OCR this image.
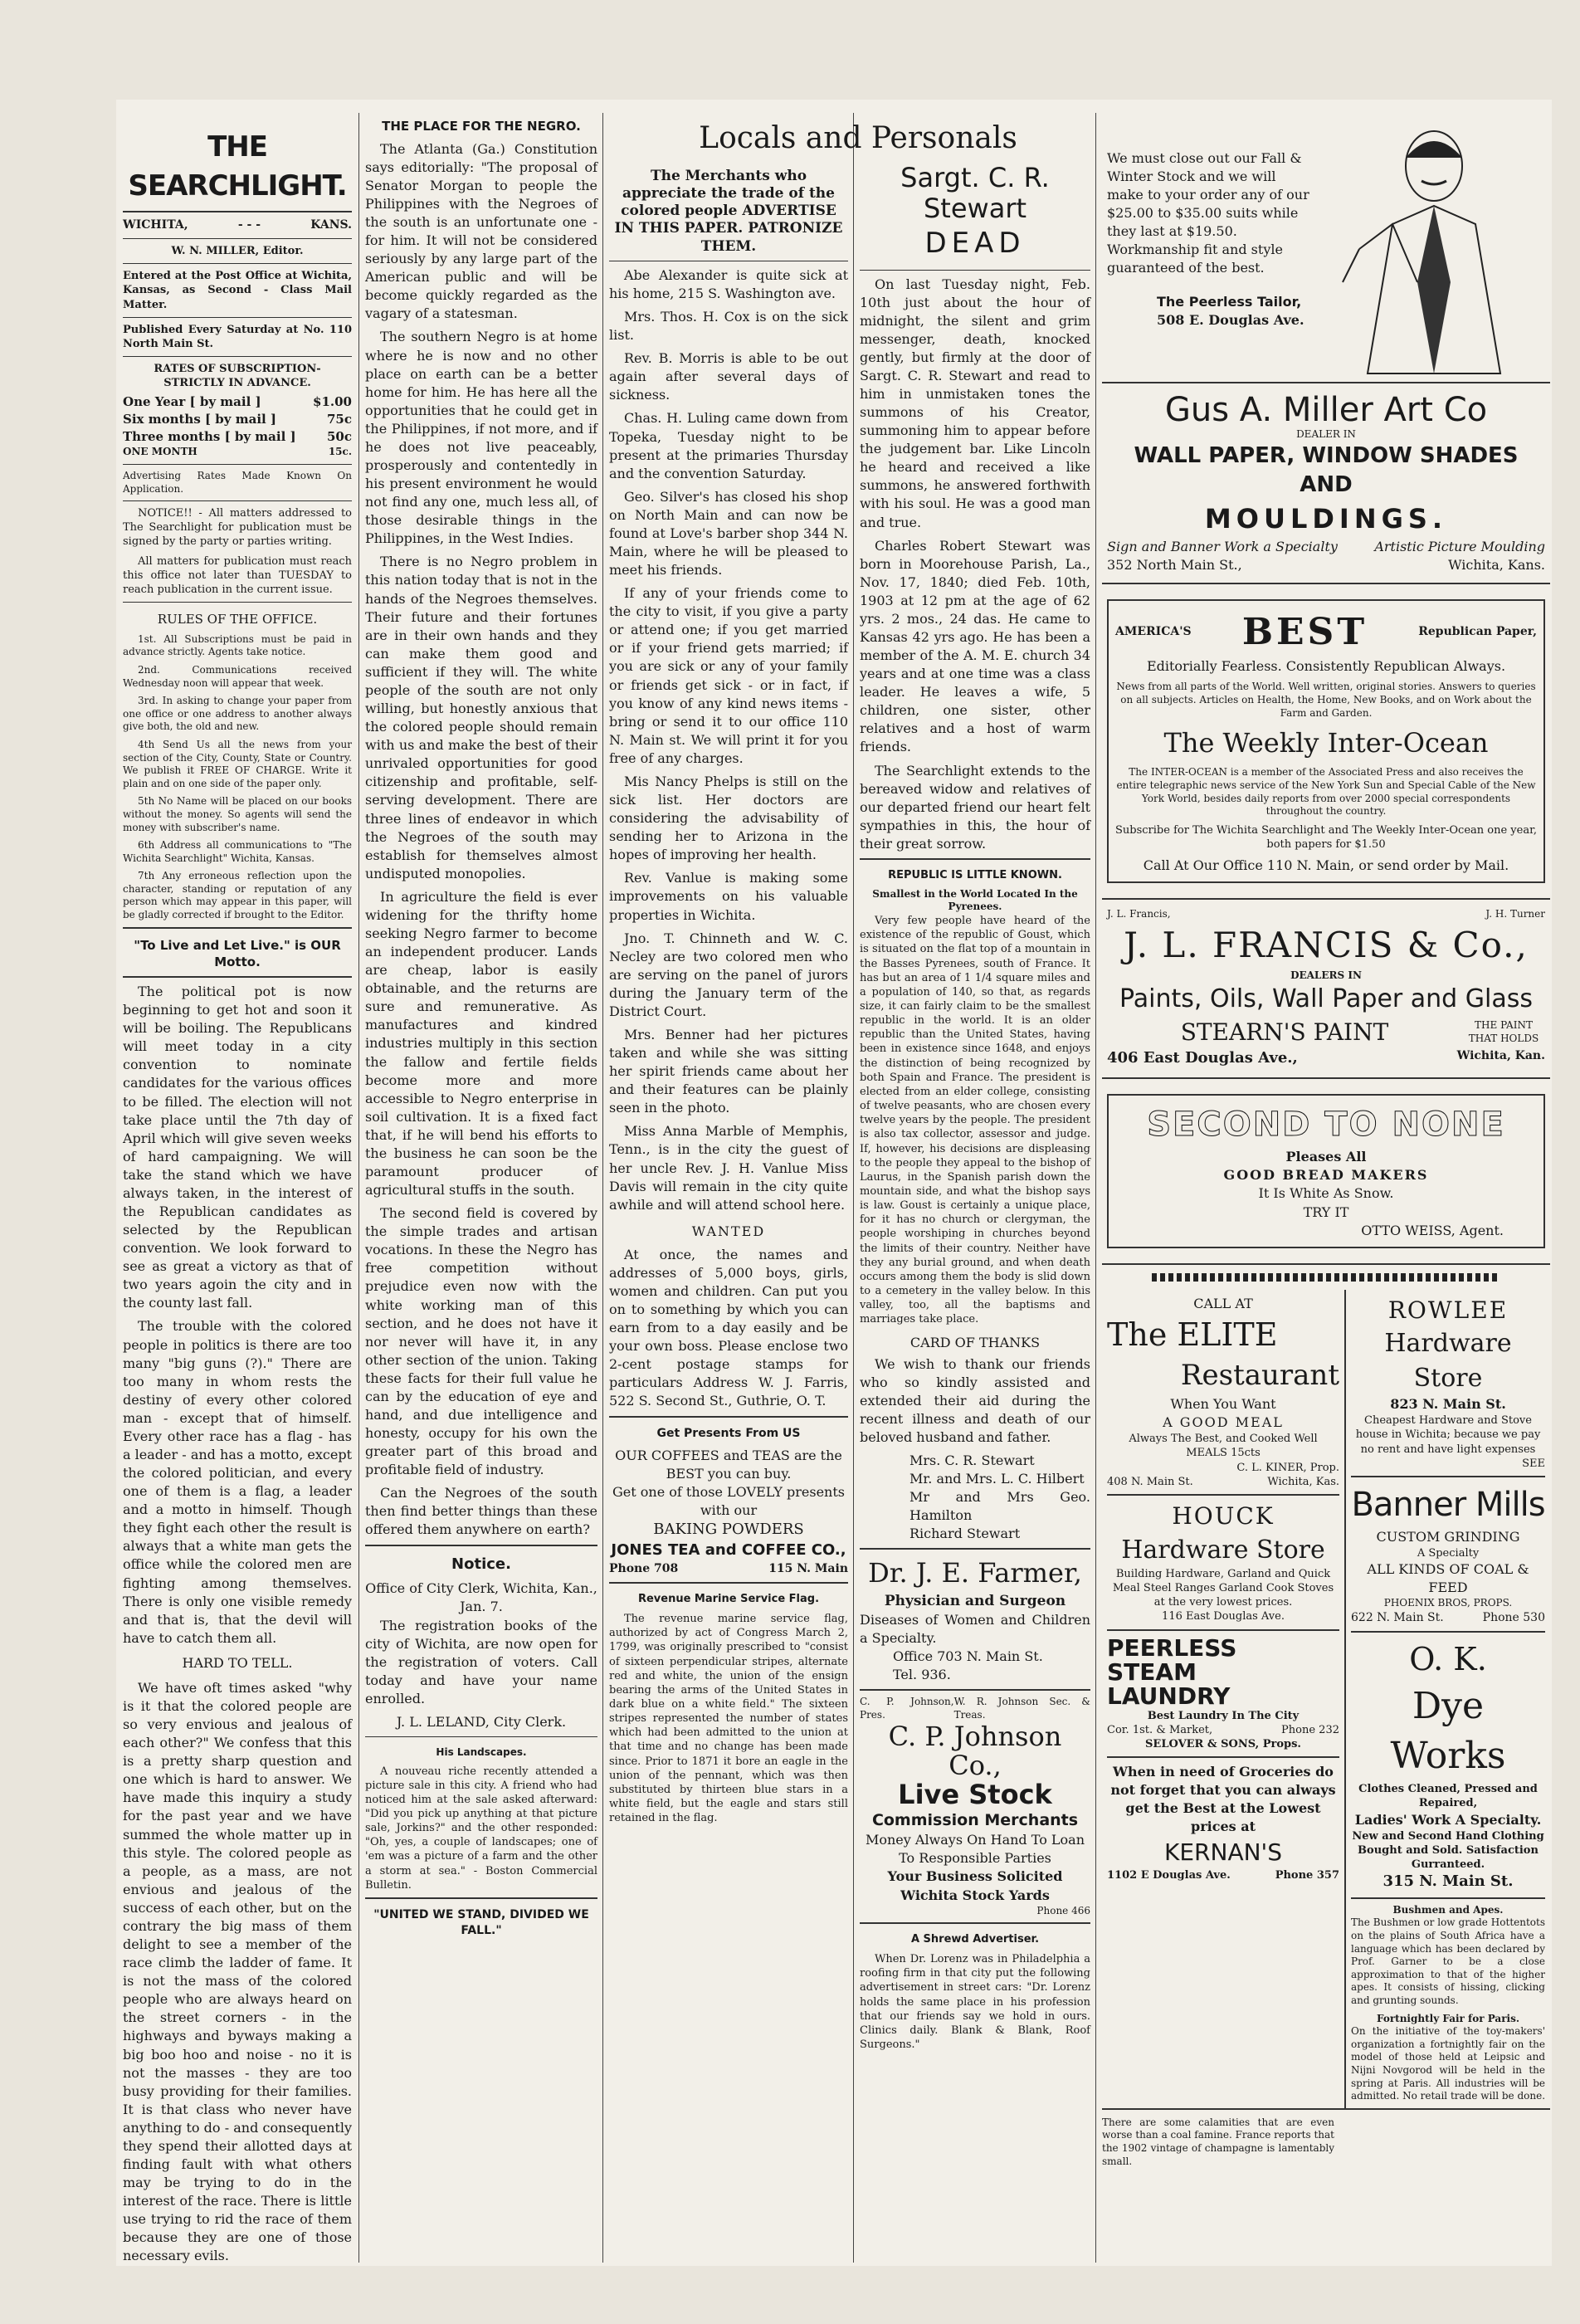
THE SEARCHLIGHT.
WICHITA,	- - -	KANS.
W. N. MILLER, Editor.
Entered at the Post Office at Wichita, Kansas, as Second - Class Mail Matter.
Published Every Saturday at No. 110 North Main St.
RATES OF SUBSCRIPTION- STRICTLY IN ADVANCE.
One Year [ by mail ]	$1.00
Six months [ by mail ]	75c
Three months [ by mail ] 50c
ONE MONTH	15c.
Advertising Rates Made Known On Application.

NOTICE!! - All matters addressed to The Searchlight for publication must be signed by the party or parties writing.

All matters for publication must reach this office not later than TUESDAY to reach publication in the current issue.

RULES OF THE OFFICE.

1st. All Subscriptions must be paid in advance strictly. Agents take notice.

2nd. Communications received Wednesday noon will appear that week.

3rd. In asking to change your paper from one office or one address to another always give both, the old and new.

4th Send Us all the news from your section of the City, County, State or Country. We publish it FREE OF CHARGE. Write it plain and on one side of the paper only.

5th No Name will be placed on our books without the money. So agents will send the money with subscriber's name.

6th Address all communications to "The Wichita Searchlight" Wichita, Kansas.

7th Any erroneous reflection upon the character, standing or reputation of any person which may appear in this paper, will be gladly corrected if brought to the Editor.

"To Live and Let Live." is OUR Motto.

The political pot is now beginning to get hot and soon it will be boiling. The Republicans will meet today in a city convention to nominate candidates for the various offices to be filled. The election will not take place until the 7th day of April which will give seven weeks of hard campaigning. We will take the stand which we have always taken, in the interest of the Republican candidates as selected by the Republican convention. We look forward to see as great a victory as that of two years agoin the city and in the county last fall.

The trouble with the colored people in politics is there are too many "big guns (?)." There are too many in whom rests the destiny of every other colored man - except that of himself. Every other race has a flag - has a leader - and has a motto, except the colored politician, and every one of them is a flag, a leader and a motto in himself. Though they fight each other the result is always that a white man gets the office while the colored men are fighting among themselves. There is only one visible remedy and that is, that the devil will have to catch them all.

HARD TO TELL.

We have oft times asked "why is it that the colored people are so very envious and jealous of each other?" We confess that this is a pretty sharp question and one which is hard to answer. We have made this inquiry a study for the past year and we have summed the whole matter up in this style. The colored people as a people, as a mass, are not envious and jealous of the success of each other, but on the contrary the big mass of them delight to see a member of the race climb the ladder of fame. It is not the mass of the colored people who are always heard on the street corners - in the highways and byways making a big boo hoo and noise - no it is not the masses - they are too busy providing for their families. It is that class who never have anything to do - and consequently they spend their allotted days at finding fault with what others may be trying to do in the interest of the race. There is little use trying to rid the race of them because they are one of those necessary evils.

THE PLACE FOR THE NEGRO.

The Atlanta (Ga.) Constitution says editorially: "The proposal of Senator Morgan to people the Philippines with the Negroes of the south is an unfortunate one - for him. It will not be considered seriously by any large part of the American public and will be become quickly regarded as the vagary of a statesman.

The southern Negro is at home where he is now and no other place on earth can be a better home for him. He has here all the opportunities that he could get in the Philippines, if not more, and if he does not live peaceably, prosperously and contentedly in his present environment he would not find any one, much less all, of those desirable things in the Philippines, in the West Indies.

There is no Negro problem in this nation today that is not in the hands of the Negroes themselves. Their future and their fortunes are in their own hands and they can make them good and sufficient if they will. The white people of the south are not only willing, but honestly anxious that the colored people should remain with us and make the best of their unrivaled opportunities for good citizenship and profitable, self-serving development. There are three lines of endeavor in which the Negroes of the south may establish for themselves almost undisputed monopolies.

In agriculture the field is ever widening for the thrifty home seeking Negro farmer to become an independent producer. Lands are cheap, labor is easily obtainable, and the returns are sure and remunerative. As manufactures and kindred industries multiply in this section the fallow and fertile fields become more and more accessible to Negro enterprise in soil cultivation. It is a fixed fact that, if he will bend his efforts to the business he can soon be the paramount producer of agricultural stuffs in the south.

The second field is covered by the simple trades and artisan vocations. In these the Negro has free competition without prejudice even now with the white working man of this section, and he does not have it nor never will have it, in any other section of the union. Taking these facts for their full value he can by the education of eye and hand, and due intelligence and honesty, occupy for his own the greater part of this broad and profitable field of industry.

Can the Negroes of the south then find better things than these offered them anywhere on earth?

Notice.
Office of City Clerk, Wichita, Kan., Jan. 7.

The registration books of the city of Wichita, are now open for the registration of voters. Call today and have your name enrolled.

J. L. LELAND, City Clerk.
His Landscapes.

A nouveau riche recently attended a picture sale in this city. A friend who had noticed him at the sale asked afterward: "Did you pick up anything at that picture sale, Jorkins?" and the other responded: "Oh, yes, a couple of landscapes; one of 'em was a picture of a farm and the other a storm at sea." - Boston Commercial Bulletin.

"UNITED WE STAND, DIVIDED WE FALL."
Locals and Personals
The Merchants who appreciate the trade of the colored people ADVERTISE IN THIS PAPER. PATRONIZE THEM.

Abe Alexander is quite sick at his home, 215 S. Washington ave.

Mrs. Thos. H. Cox is on the sick list.

Rev. B. Morris is able to be out again after several days of sickness.

Chas. H. Luling came down from Topeka, Tuesday night to be present at the primaries Thursday and the convention Saturday.

Geo. Silver's has closed his shop on North Main and can now be found at Love's barber shop 344 N. Main, where he will be pleased to meet his friends.

If any of your friends come to the city to visit, if you give a party or attend one; if you get married or if your friend gets married; if you are sick or any of your family or friends get sick - or in fact, if you know of any kind news items - bring or send it to our office 110 N. Main st. We will print it for you free of any charges.

Mis Nancy Phelps is still on the sick list. Her doctors are considering the advisability of sending her to Arizona in the hopes of improving her health.

Rev. Vanlue is making some improvements on his valuable properties in Wichita.

Jno. T. Chinneth and W. C. Necley are two colored men who are serving on the panel of jurors during the January term of the District Court.

Mrs. Benner had her pictures taken and while she was sitting her spirit friends came about her and their features can be plainly seen in the photo.

Miss Anna Marble of Memphis, Tenn., is in the city the guest of her uncle Rev. J. H. Vanlue Miss Davis will remain in the city quite awhile and will attend school here.

WANTED

At once, the names and addresses of 5,000 boys, girls, women and children. Can put you on to something by which you can earn from to a day easily and be your own boss. Please enclose two 2-cent postage stamps for particulars Address W. J. Farris, 522 S. Second St., Guthrie, O. T.

Get Presents From US
OUR COFFEES and TEAS are the BEST you can buy.
Get one of those LOVELY presents with our
BAKING POWDERS
JONES TEA and COFFEE CO.,
Phone 708	115 N. Main
Revenue Marine Service Flag.

The revenue marine service flag, authorized by act of Congress March 2, 1799, was originally prescribed to "consist of sixteen perpendicular stripes, alternate red and white, the union of the ensign bearing the arms of the United States in dark blue on a white field." The sixteen stripes represented the number of states which had been admitted to the union at that time and no change has been made since. Prior to 1871 it bore an eagle in the union of the pennant, which was then substituted by thirteen blue stars in a white field, but the eagle and stars still retained in the flag.

Sargt. C. R. Stewart
DEAD

On last Tuesday night, Feb. 10th just about the hour of midnight, the silent and grim messenger, death, knocked gently, but firmly at the door of Sargt. C. R. Stewart and read to him in unmistaken tones the summons of his Creator, summoning him to appear before the judgement bar. Like Lincoln he heard and received a like summons, he answered forthwith with his soul. He was a good man and true.

Charles Robert Stewart was born in Moorehouse Parish, La., Nov. 17, 1840; died Feb. 10th, 1903 at 12 pm at the age of 62 yrs. 2 mos., 24 das. He came to Kansas 42 yrs ago. He has been a member of the A. M. E. church 34 years and at one time was a class leader. He leaves a wife, 5 children, one sister, other relatives and a host of warm friends.

The Searchlight extends to the bereaved widow and relatives of our departed friend our heart felt sympathies in this, the hour of their great sorrow.

REPUBLIC IS LITTLE KNOWN.
Smallest in the World Located In the Pyrenees.

Very few people have heard of the existence of the republic of Goust, which is situated on the flat top of a mountain in the Basses Pyrenees, south of France. It has but an area of 1 1/4 square miles and a population of 140, so that, as regards size, it can fairly claim to be the smallest republic in the world. It is an older republic than the United States, having been in existence since 1648, and enjoys the distinction of being recognized by both Spain and France. The president is elected from an elder college, consisting of twelve peasants, who are chosen every twelve years by the people. The president is also tax collector, assessor and judge. If, however, his decisions are displeasing to the people they appeal to the bishop of Laurus, in the Spanish parish down the mountain side, and what the bishop says is law. Goust is certainly a unique place, for it has no church or clergyman, the people worshiping in churches beyond the limits of their country. Neither have they any burial ground, and when death occurs among them the body is slid down to a cemetery in the valley below. In this valley, too, all the baptisms and marriages take place.

CARD OF THANKS

We wish to thank our friends who so kindly assisted and extended their aid during the recent illness and death of our beloved husband and father.

Mrs. C. R. Stewart
Mr. and Mrs. L. C. Hilbert
Mr and Mrs Geo. Hamilton
Richard Stewart
Dr. J. E. Farmer,
Physician and Surgeon
Diseases of Women and Children a Specialty.
Office 703 N. Main St.
Tel. 936.
C. P. Johnson, Pres.
W. R. Johnson Sec. & Treas.
C. P. Johnson Co.,
Live Stock
Commission Merchants
Money Always On Hand To Loan To Responsible Parties
Your Business Solicited
Wichita Stock Yards
Phone 466
A Shrewd Advertiser.

When Dr. Lorenz was in Philadelphia a roofing firm in that city put the following advertisement in street cars: "Dr. Lorenz holds the same place in his profession that our friends say we hold in ours. Clinics daily. Blank & Blank, Roof Surgeons."

We must close out our Fall & Winter Stock and we will make to your order any of our $25.00 to $35.00 suits while they last at $19.50. Workmanship fit and style guaranteed of the best.
The Peerless Tailor,
508 E. Douglas Ave.
Gus A. Miller Art Co
DEALER IN
WALL PAPER, WINDOW SHADES AND
MOULDINGS.
Sign and Banner Work a Specialty	Artistic Picture Moulding
352 North Main St.,	Wichita, Kans.
AMERICA'S BEST	Republican Paper,
Editorially Fearless. Consistently Republican Always.
News from all parts of the World. Well written, original stories. Answers to queries on all subjects. Articles on Health, the Home, New Books, and on Work about the Farm and Garden.
The Weekly Inter-Ocean
The INTER-OCEAN is a member of the Associated Press and also receives the entire telegraphic news service of the New York Sun and Special Cable of the New York World, besides daily reports from over 2000 special correspondents throughout the country.
Subscribe for The Wichita Searchlight and The Weekly Inter-Ocean one year, both papers for $1.50
Call At Our Office 110 N. Main, or send order by Mail.
J. L. Francis,	J. H. Turner
J. L. FRANCIS & Co.,
DEALERS IN
Paints, Oils, Wall Paper and Glass
STEARN'S PAINT	THE PAINT THAT HOLDS
406 East Douglas Ave.,	Wichita, Kan.
SECOND TO NONE
Pleases All
GOOD BREAD MAKERS
It Is White As Snow.
TRY IT
OTTO WEISS, Agent.
CALL AT
The ELITE
Restaurant
When You Want
A GOOD MEAL
Always The Best, and Cooked Well
MEALS 15cts
C. L. KINER, Prop.
408 N. Main St.	Wichita, Kas.
HOUCK
Hardware Store
Building Hardware, Garland and Quick Meal Steel Ranges Garland Cook Stoves at the very lowest prices.
116 East Douglas Ave.
PEERLESS
STEAM
LAUNDRY
Best Laundry In The City
Cor. 1st. & Market,	Phone 232
SELOVER & SONS, Props.
When in need of Groceries do not forget that you can always get the Best at the Lowest prices at
KERNAN'S
1102 E Douglas Ave.	Phone 357
ROWLEE
Hardware Store
823 N. Main St.
Cheapest Hardware and Stove house in Wichita; because we pay no rent and have light expenses
SEE
Banner Mills
CUSTOM GRINDING
A Specialty
ALL KINDS OF COAL & FEED
PHOENIX BROS, PROPS.
622 N. Main St.	Phone 530
O. K.
Dye Works
Clothes Cleaned, Pressed and Repaired,
Ladies' Work A Specialty.
New and Second Hand Clothing Bought and Sold. Satisfaction Gurranteed.
315 N. Main St.
Bushmen and Apes.
The Bushmen or low grade Hottentots on the plains of South Africa have a language which has been declared by Prof. Garner to be a close approximation to that of the higher apes. It consists of hissing, clicking and grunting sounds.
Fortnightly Fair for Paris.
On the initiative of the toy-makers' organization a fortnightly fair on the model of those held at Leipsic and Nijni Novgorod will be held in the spring at Paris. All industries will be admitted. No retail trade will be done.
There are some calamities that are even worse than a coal famine. France reports that the 1902 vintage of champagne is lamentably small.
